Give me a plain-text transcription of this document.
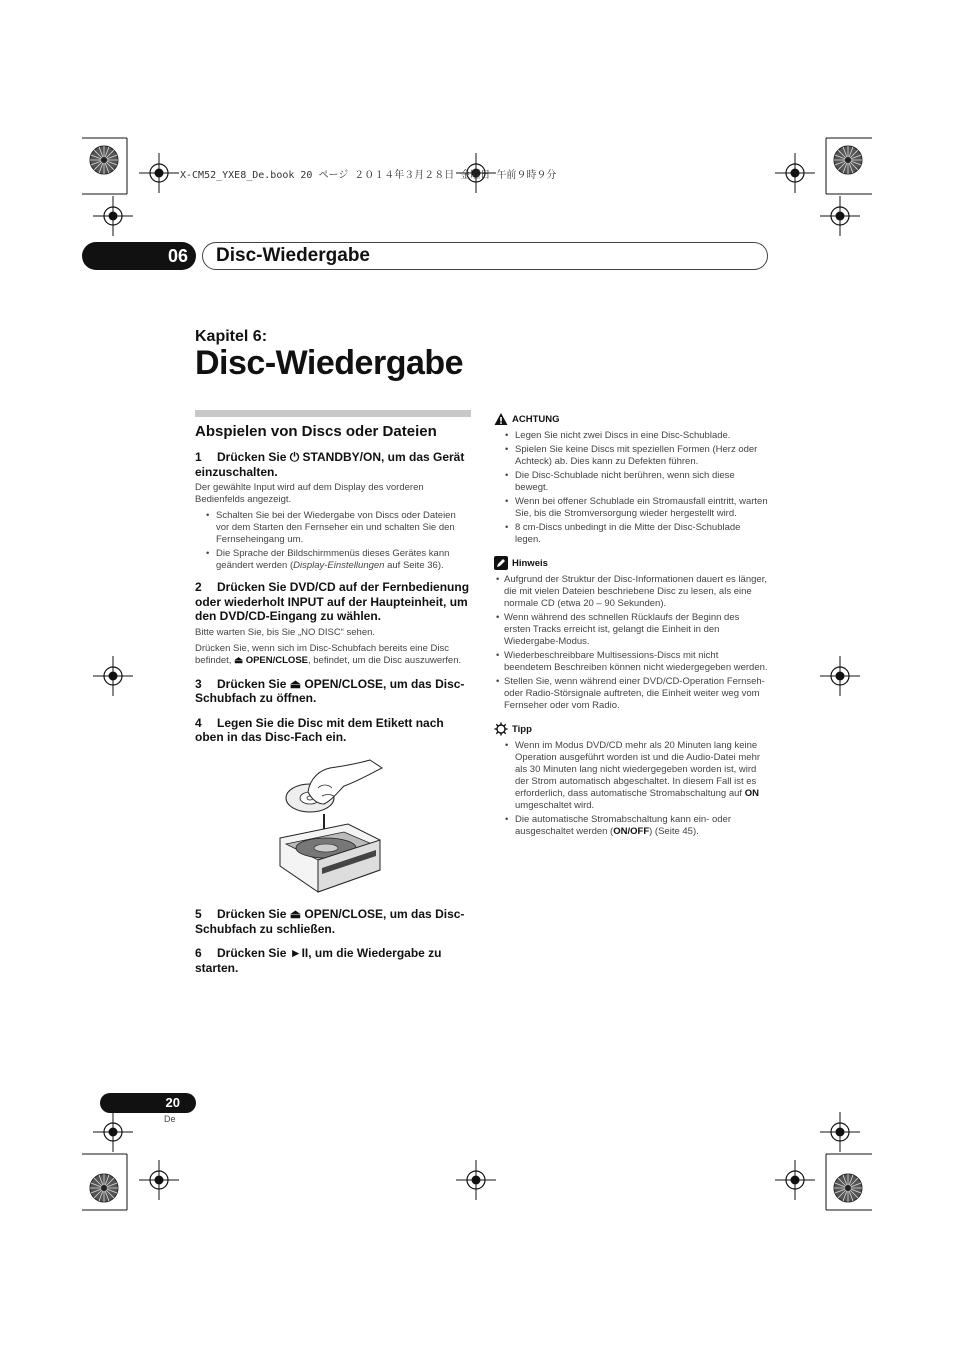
X-CM52_YXE8_De.book 20 ページ ２０１４年３月２８日 金曜日 午前９時９分
06 Disc-Wiedergabe
Kapitel 6:
Disc-Wiedergabe
Abspielen von Discs oder Dateien
1 Drücken Sie ⏻ STANDBY/ON, um das Gerät einzuschalten.
Der gewählte Input wird auf dem Display des vorderen Bedienfelds angezeigt.
• Schalten Sie bei der Wiedergabe von Discs oder Dateien vor dem Starten den Fernseher ein und schalten Sie den Fernseheingang um.
• Die Sprache der Bildschirmmenüs dieses Gerätes kann geändert werden (Display-Einstellungen auf Seite 36).
2 Drücken Sie DVD/CD auf der Fernbedienung oder wiederholt INPUT auf der Haupteinheit, um den DVD/CD-Eingang zu wählen.
Bitte warten Sie, bis Sie „NO DISC“ sehen.
Drücken Sie, wenn sich im Disc-Schubfach bereits eine Disc befindet, ⏏ OPEN/CLOSE, befindet, um die Disc auszuwerfen.
3 Drücken Sie ⏏ OPEN/CLOSE, um das Disc-Schubfach zu öffnen.
4 Legen Sie die Disc mit dem Etikett nach oben in das Disc-Fach ein.
5 Drücken Sie ⏏ OPEN/CLOSE, um das Disc-Schubfach zu schließen.
6 Drücken Sie ►II, um die Wiedergabe zu starten.
ACHTUNG
• Legen Sie nicht zwei Discs in eine Disc-Schublade.
• Spielen Sie keine Discs mit speziellen Formen (Herz oder Achteck) ab. Dies kann zu Defekten führen.
• Die Disc-Schublade nicht berühren, wenn sich diese bewegt.
• Wenn bei offener Schublade ein Stromausfall eintritt, warten Sie, bis die Stromversorgung wieder hergestellt wird.
• 8 cm-Discs unbedingt in die Mitte der Disc-Schublade legen.
Hinweis
• Aufgrund der Struktur der Disc-Informationen dauert es länger, die mit vielen Dateien beschriebene Disc zu lesen, als eine normale CD (etwa 20 – 90 Sekunden).
• Wenn während des schnellen Rücklaufs der Beginn des ersten Tracks erreicht ist, gelangt die Einheit in den Wiedergabe-Modus.
• Wiederbeschreibbare Multisessions-Discs mit nicht beendetem Beschreiben können nicht wiedergegeben werden.
• Stellen Sie, wenn während einer DVD/CD-Operation Fernseh- oder Radio-Störsignale auftreten, die Einheit weiter weg vom Fernseher oder vom Radio.
Tipp
• Wenn im Modus DVD/CD mehr als 20 Minuten lang keine Operation ausgeführt worden ist und die Audio-Datei mehr als 30 Minuten lang nicht wiedergegeben worden ist, wird der Strom automatisch abgeschaltet. In diesem Fall ist es erforderlich, dass automatische Stromabschaltung auf ON umgeschaltet wird.
• Die automatische Stromabschaltung kann ein- oder ausgeschaltet werden (ON/OFF) (Seite 45).
20
De
